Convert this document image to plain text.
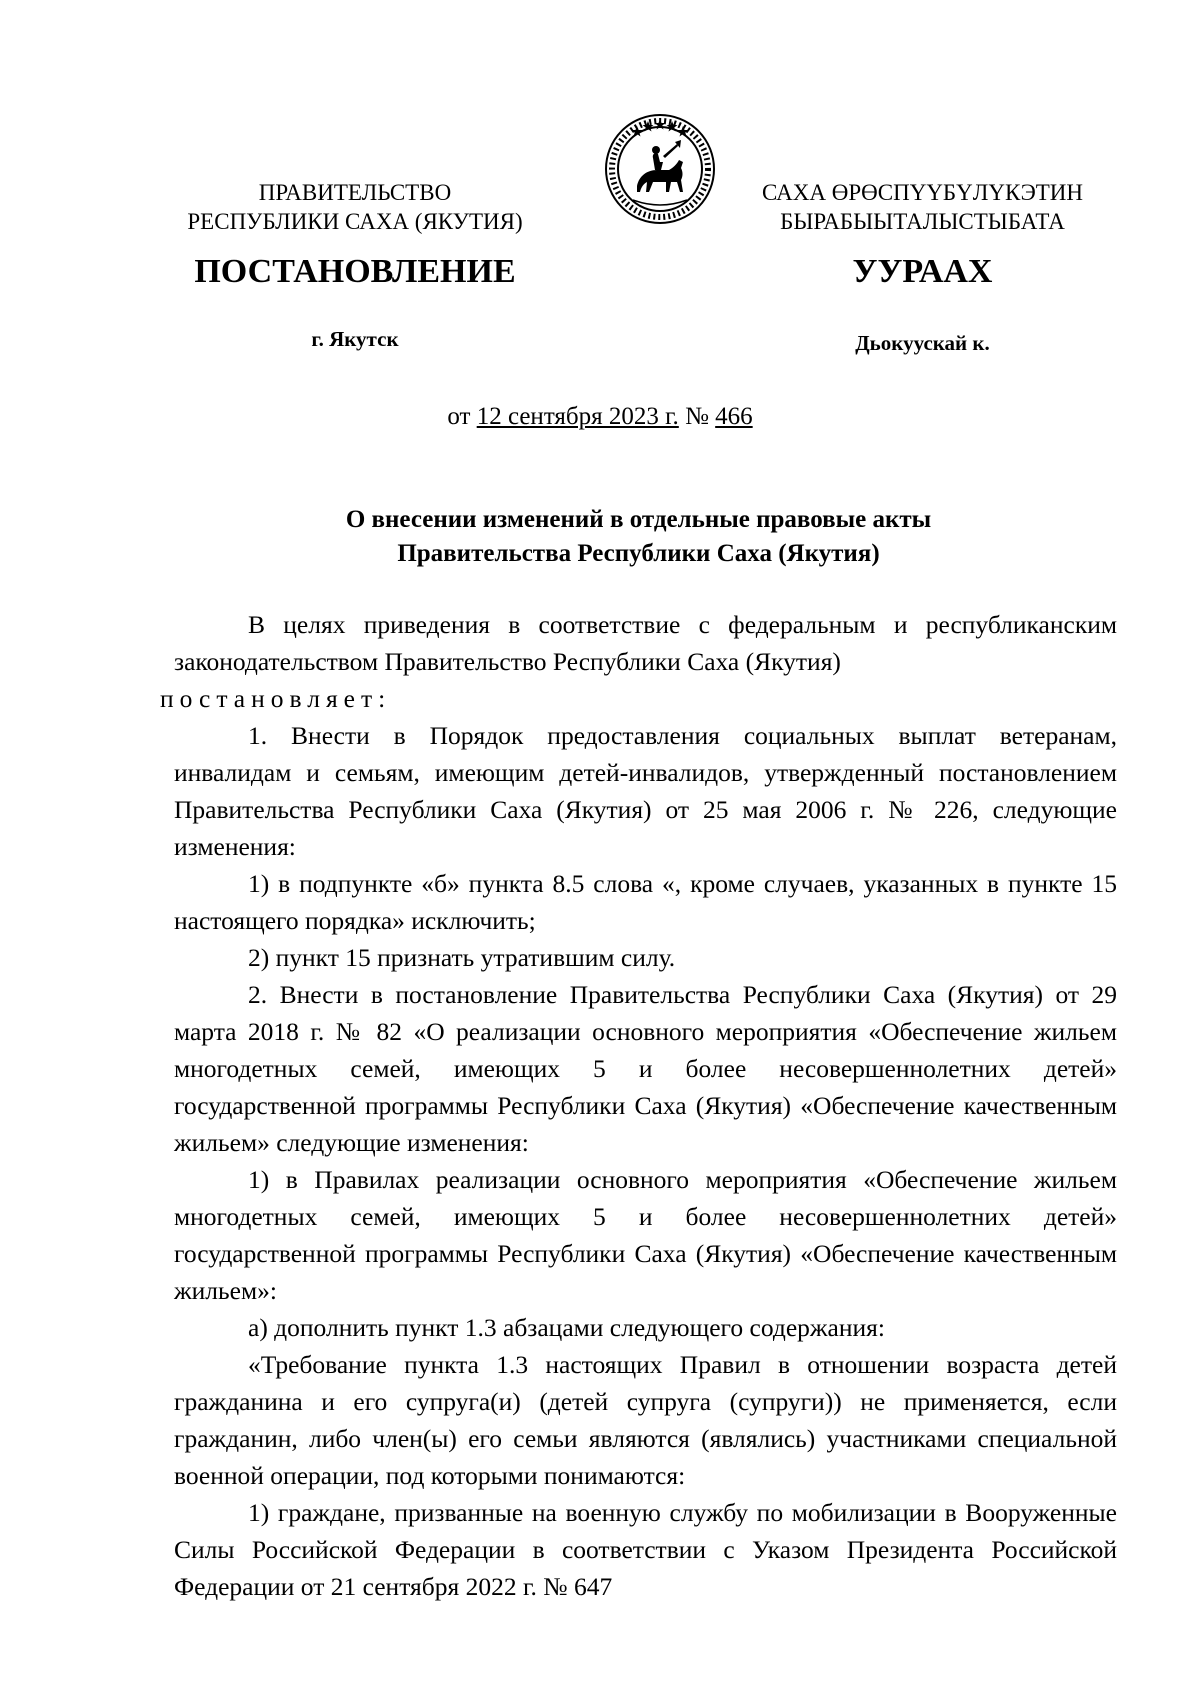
ПРАВИТЕЛЬСТВО
РЕСПУБЛИКИ САХА (ЯКУТИЯ)
САХА ӨРӨСПҮҮБҮЛҮКЭТИН
БЫРАБЫЫТАЛЫСТЫБАТА
ПОСТАНОВЛЕНИЕ	УУРААХ
г. Якутск	Дьокуускай к.
от 12 сентября 2023 г. № 466
О внесении изменений в отдельные правовые акты
Правительства Республики Саха (Якутия)

В целях приведения в соответствие с федеральным и республиканским законодательством Правительство Республики Саха (Якутия)

постановляет:

1. Внести в Порядок предоставления социальных выплат ветеранам, инвалидам и семьям, имеющим детей-инвалидов, утвержденный постановлением Правительства Республики Саха (Якутия) от 25 мая 2006 г. № 226, следующие изменения:

1) в подпункте «б» пункта 8.5 слова «, кроме случаев, указанных в пункте 15 настоящего порядка» исключить;

2) пункт 15 признать утратившим силу.

2. Внести в постановление Правительства Республики Саха (Якутия) от 29 марта 2018 г. № 82 «О реализации основного мероприятия «Обеспечение жильем многодетных семей, имеющих 5 и более несовершеннолетних детей» государственной программы Республики Саха (Якутия) «Обеспечение качественным жильем» следующие изменения:

1) в Правилах реализации основного мероприятия «Обеспечение жильем многодетных семей, имеющих 5 и более несовершеннолетних детей» государственной программы Республики Саха (Якутия) «Обеспечение качественным жильем»:

а) дополнить пункт 1.3 абзацами следующего содержания:

«Требование пункта 1.3 настоящих Правил в отношении возраста детей гражданина и его супруга(и) (детей супруга (супруги)) не применяется, если гражданин, либо член(ы) его семьи являются (являлись) участниками специальной военной операции, под которыми понимаются:

1) граждане, призванные на военную службу по мобилизации в Вооруженные Силы Российской Федерации в соответствии с Указом Президента Российской Федерации от 21 сентября 2022 г. № 647
